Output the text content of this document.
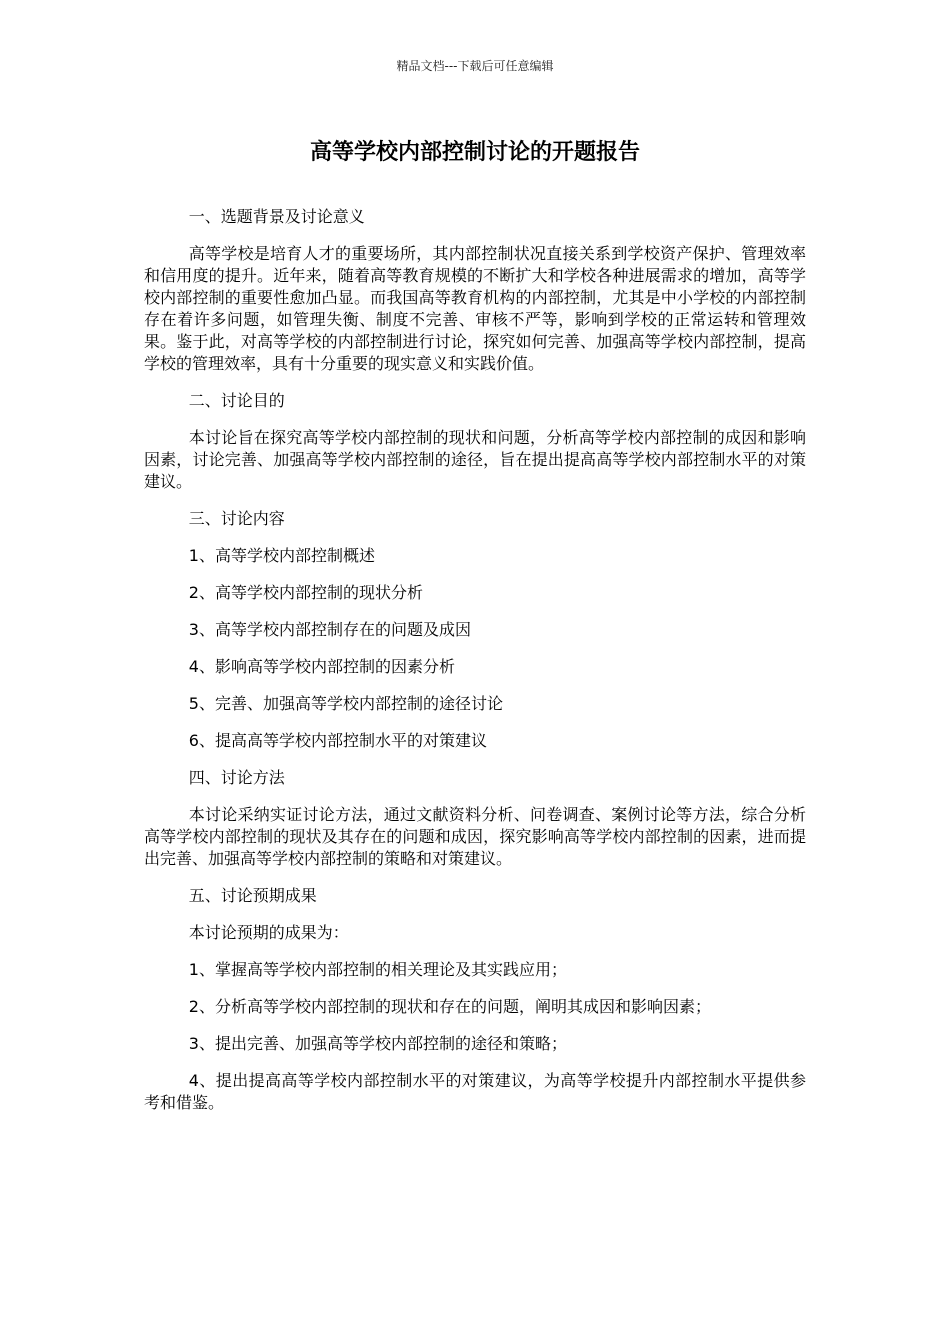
精品文档---下载后可任意编辑
高等学校内部控制讨论的开题报告
一、选题背景及讨论意义

高等学校是培育人才的重要场所，其内部控制状况直接关系到学校资产保护、管理效率和信用度的提升。近年来，随着高等教育规模的不断扩大和学校各种进展需求的增加，高等学校内部控制的重要性愈加凸显。而我国高等教育机构的内部控制，尤其是中小学校的内部控制存在着许多问题，如管理失衡、制度不完善、审核不严等，影响到学校的正常运转和管理效果。鉴于此，对高等学校的内部控制进行讨论，探究如何完善、加强高等学校内部控制，提高学校的管理效率，具有十分重要的现实意义和实践价值。

二、讨论目的

本讨论旨在探究高等学校内部控制的现状和问题，分析高等学校内部控制的成因和影响因素，讨论完善、加强高等学校内部控制的途径，旨在提出提高高等学校内部控制水平的对策建议。

三、讨论内容
1、高等学校内部控制概述
2、高等学校内部控制的现状分析
3、高等学校内部控制存在的问题及成因
4、影响高等学校内部控制的因素分析
5、完善、加强高等学校内部控制的途径讨论
6、提高高等学校内部控制水平的对策建议
四、讨论方法

本讨论采纳实证讨论方法，通过文献资料分析、问卷调查、案例讨论等方法，综合分析高等学校内部控制的现状及其存在的问题和成因，探究影响高等学校内部控制的因素，进而提出完善、加强高等学校内部控制的策略和对策建议。

五、讨论预期成果
本讨论预期的成果为：
1、掌握高等学校内部控制的相关理论及其实践应用；
2、分析高等学校内部控制的现状和存在的问题，阐明其成因和影响因素；
3、提出完善、加强高等学校内部控制的途径和策略；

4、提出提高高等学校内部控制水平的对策建议，为高等学校提升内部控制水平提供参考和借鉴。
